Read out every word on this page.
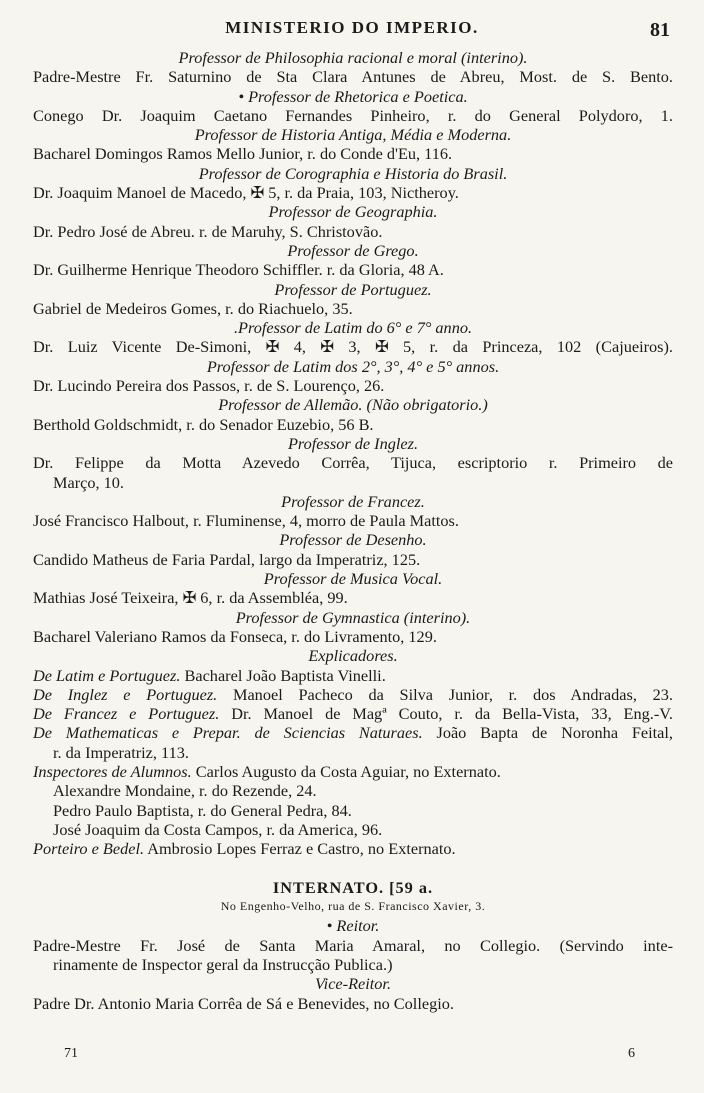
MINISTERIO DO IMPERIO.	81
Professor de Philosophia racional e moral (interino).
Padre-Mestre Fr. Saturnino de Sta Clara Antunes de Abreu, Most. de S. Bento.
• Professor de Rhetorica e Poetica.
Conego Dr. Joaquim Caetano Fernandes Pinheiro, r. do General Polydoro, 1.
Professor de Historia Antiga, Média e Moderna.
Bacharel Domingos Ramos Mello Junior, r. do Conde d'Eu, 116.
Professor de Corographia e Historia do Brasil.
Dr. Joaquim Manoel de Macedo, ✠ 5, r. da Praia, 103, Nictheroy.
Professor de Geographia.
Dr. Pedro José de Abreu. r. de Maruhy, S. Christovão.
Professor de Grego.
Dr. Guilherme Henrique Theodoro Schiffler. r. da Gloria, 48 A.
Professor de Portuguez.
Gabriel de Medeiros Gomes, r. do Riachuelo, 35.
.Professor de Latim do 6° e 7° anno.
Dr. Luiz Vicente De-Simoni, ✠ 4, ✠ 3, ✠ 5, r. da Princeza, 102 (Cajueiros).
Professor de Latim dos 2°, 3°, 4° e 5° annos.
Dr. Lucindo Pereira dos Passos, r. de S. Lourenço, 26.
Professor de Allemão. (Não obrigatorio.)
Berthold Goldschmidt, r. do Senador Euzebio, 56 B.
Professor de Inglez.
Dr. Felippe da Motta Azevedo Corrêa, Tijuca, escriptorio r. Primeiro de
Março, 10.
Professor de Francez.
José Francisco Halbout, r. Fluminense, 4, morro de Paula Mattos.
Professor de Desenho.
Candido Matheus de Faria Pardal, largo da Imperatriz, 125.
Professor de Musica Vocal.
Mathias José Teixeira, ✠ 6, r. da Assembléa, 99.
Professor de Gymnastica (interino).
Bacharel Valeriano Ramos da Fonseca, r. do Livramento, 129.
Explicadores.
De Latim e Portuguez. Bacharel João Baptista Vinelli.
De Inglez e Portuguez. Manoel Pacheco da Silva Junior, r. dos Andradas, 23.
De Francez e Portuguez. Dr. Manoel de Magª Couto, r. da Bella-Vista, 33, Eng.-V.
De Mathematicas e Prepar. de Sciencias Naturaes. João Bapta de Noronha Feital,
r. da Imperatriz, 113.
Inspectores de Alumnos. Carlos Augusto da Costa Aguiar, no Externato.
Alexandre Mondaine, r. do Rezende, 24.
Pedro Paulo Baptista, r. do General Pedra, 84.
José Joaquim da Costa Campos, r. da America, 96.
Porteiro e Bedel. Ambrosio Lopes Ferraz e Castro, no Externato.

INTERNATO. [59 a.
No Engenho-Velho, rua de S. Francisco Xavier, 3.
• Reitor.
Padre-Mestre Fr. José de Santa Maria Amaral, no Collegio. (Servindo inte-
rinamente de Inspector geral da Instrucção Publica.)
Vice-Reitor.
Padre Dr. Antonio Maria Corrêa de Sá e Benevides, no Collegio.
71	6
